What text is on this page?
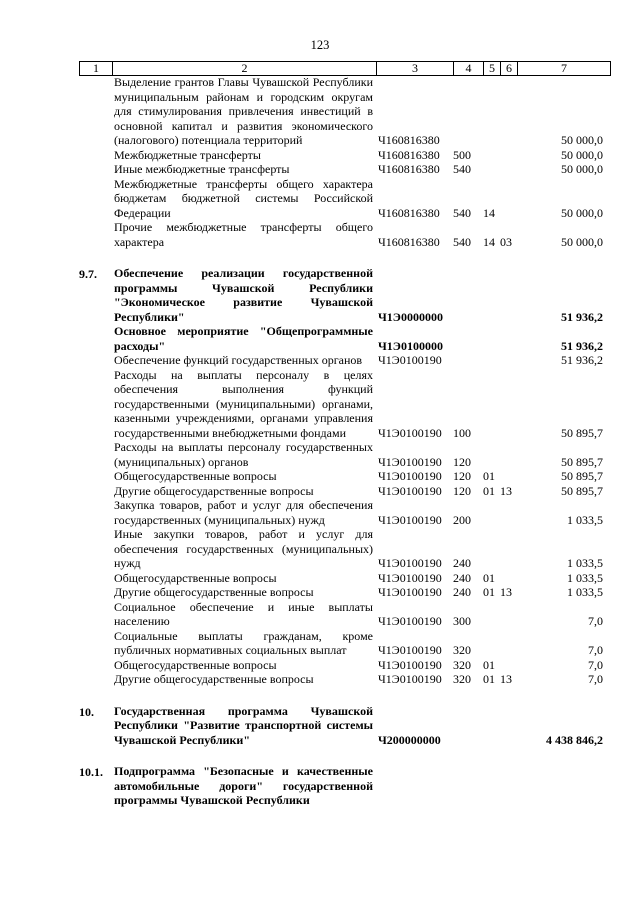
123
1	2	3	4	5	6	7
	Выделение грантов Главы Чувашской Республики муниципальным районам и городским округам для стимулирования привлечения инвестиций в основной капитал и развития экономического (налогового) потенциала территорий	Ч160816380				50 000,0
	Межбюджетные трансферты	Ч160816380	500			50 000,0
	Иные межбюджетные трансферты	Ч160816380	540			50 000,0
	Межбюджетные трансферты общего характера бюджетам бюджетной системы Российской Федерации	Ч160816380	540	14		50 000,0
	Прочие межбюджетные трансферты общего характера	Ч160816380	540	14	03	50 000,0

9.7.	Обеспечение реализации государственной программы Чувашской Республики "Экономическое развитие Чувашской Республики"	Ч1Э0000000				51 936,2
	Основное мероприятие "Общепрограммные расходы"	Ч1Э0100000				51 936,2
	Обеспечение функций государственных органов	Ч1Э0100190				51 936,2
	Расходы на выплаты персоналу в целях обеспечения выполнения функций государственными (муниципальными) органами, казенными учреждениями, органами управления государственными внебюджетными фондами	Ч1Э0100190	100			50 895,7
	Расходы на выплаты персоналу государственных (муниципальных) органов	Ч1Э0100190	120			50 895,7
	Общегосударственные вопросы	Ч1Э0100190	120	01		50 895,7
	Другие общегосударственные вопросы	Ч1Э0100190	120	01	13	50 895,7
	Закупка товаров, работ и услуг для обеспечения государственных (муниципальных) нужд	Ч1Э0100190	200			1 033,5
	Иные закупки товаров, работ и услуг для обеспечения государственных (муниципальных) нужд	Ч1Э0100190	240			1 033,5
	Общегосударственные вопросы	Ч1Э0100190	240	01		1 033,5
	Другие общегосударственные вопросы	Ч1Э0100190	240	01	13	1 033,5
	Социальное обеспечение и иные выплаты населению	Ч1Э0100190	300			7,0
	Социальные выплаты гражданам, кроме публичных нормативных социальных выплат	Ч1Э0100190	320			7,0
	Общегосударственные вопросы	Ч1Э0100190	320	01		7,0
	Другие общегосударственные вопросы	Ч1Э0100190	320	01	13	7,0

10.	Государственная программа Чувашской Республики "Развитие транспортной системы Чувашской Республики"	Ч200000000				4 438 846,2

10.1.	Подпрограмма "Безопасные и качественные автомобильные дороги" государственной программы Чувашской Республики					
